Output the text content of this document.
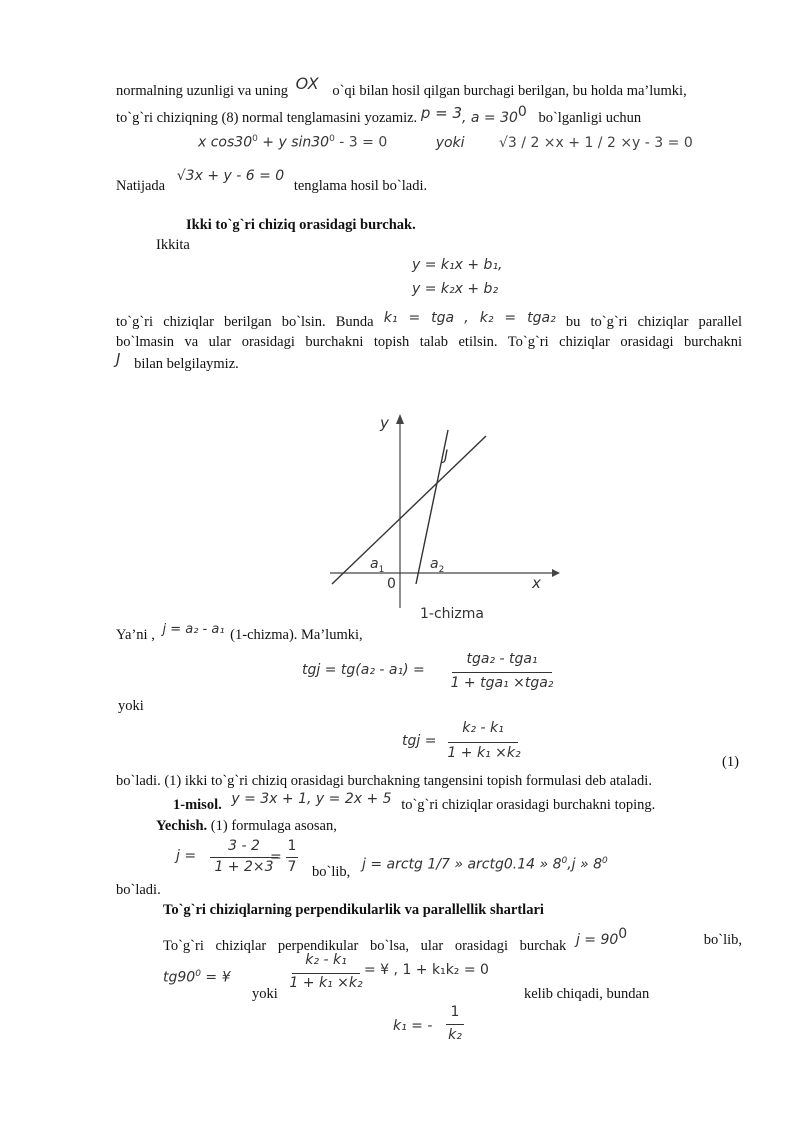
normalning uzunligi va uning OX o`qi bilan hosil qilgan burchagi berilgan, bu holda ma’lumki,
to`g`ri chiziqning (8) normal tenglamasini yozamiz. p = 3, $a = 30^0$ bo`lganligi uchun
x $\cos 30^0 + y$ $\sin 30^0 - 3 = 0$	yoki √3 / 2 ×x + 1 / 2 ×y - 3 = 0
Natijada √3x + y - 6 = 0 tenglama hosil bo`ladi.
Ikki to`g`ri chiziq orasidagi burchak.
Ikkita
y = k₁x + b₁,
y = k₂x + b₂
to`g`ri chiziqlar berilgan bo`lsin. Bunda k₁ = tga , k₂ = tga₂ bu to`g`ri chiziqlar parallel
bo`lmasin va ular orasidagi burchakni topish talab etilsin. To`g`ri chiziqlar orasidagi burchakni
J bilan belgilaymiz.
y
x
0
J
$a_1$	$a_2$
1-chizma
Ya’ni , j = a₂ - a₁ (1-chizma). Ma’lumki,
tgj = tg(a₂ - a₁) =
tga₂ - tga₁
1 + tga₁ ×tga₂
yoki
tgj =
k₂ - k₁
1 + k₁ ×k₂
(1)
bo`ladi. (1) ikki to`g`ri chiziq orasidagi burchakning tangensini topish formulasi deb ataladi.
1-misol. y = 3x + 1, y = 2x + 5 to`g`ri chiziqlar orasidagi burchakni toping.
Yechish. (1) formulaga asosan,
j =
3 - 2
1 + 2×3
=
1
7 bo`lib, j = arctg 1/7 » arctg0.14 » $8^0,j$ » $8^0$
bo`ladi.
To`g`ri chiziqlarning perpendikularlik va parallellik shartlari
To`g`ri chiziqlar perpendikular bo`lsa, ular orasidagi burchak $j = 90^0$	bo`lib,
$tg90^0$ = ¥
yoki
k₂ - k₁
1 + k₁ ×k₂
= ¥ , 1 + k₁k₂ = 0
kelib chiqadi, bundan
k₁ = -
1
k₂
